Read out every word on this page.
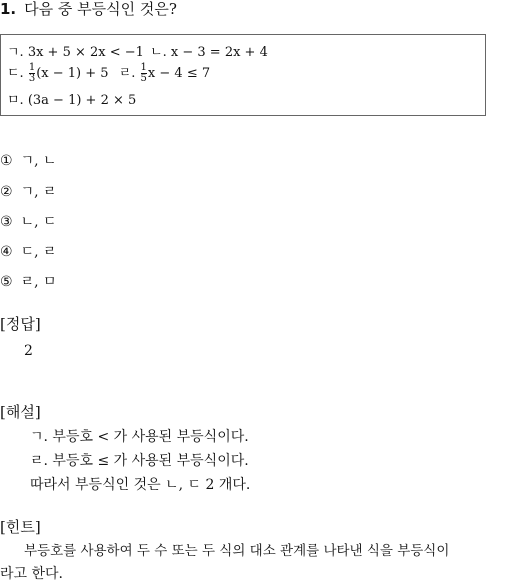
1. 다음 중 부등식인 것은?
ㄱ. 3x + 5 × 2x < −1 ㄴ. x − 3 = 2x + 4
ㄷ. $\frac{1}{3} (x - 1) + 5$ ㄹ. $\frac{1}{5}$ x − 4 ≤ 7
ㅁ. (3a − 1) + 2 × 5
① ㄱ, ㄴ
② ㄱ, ㄹ
③ ㄴ, ㄷ
④ ㄷ, ㄹ
⑤ ㄹ, ㅁ
[정답]
2
[해설]
ㄱ. 부등호 < 가 사용된 부등식이다.
ㄹ. 부등호 ≤ 가 사용된 부등식이다.
따라서 부등식인 것은 ㄴ, ㄷ 2 개다.
[힌트]
부등호를 사용하여 두 수 또는 두 식의 대소 관계를 나타낸 식을 부등식이
라고 한다.
